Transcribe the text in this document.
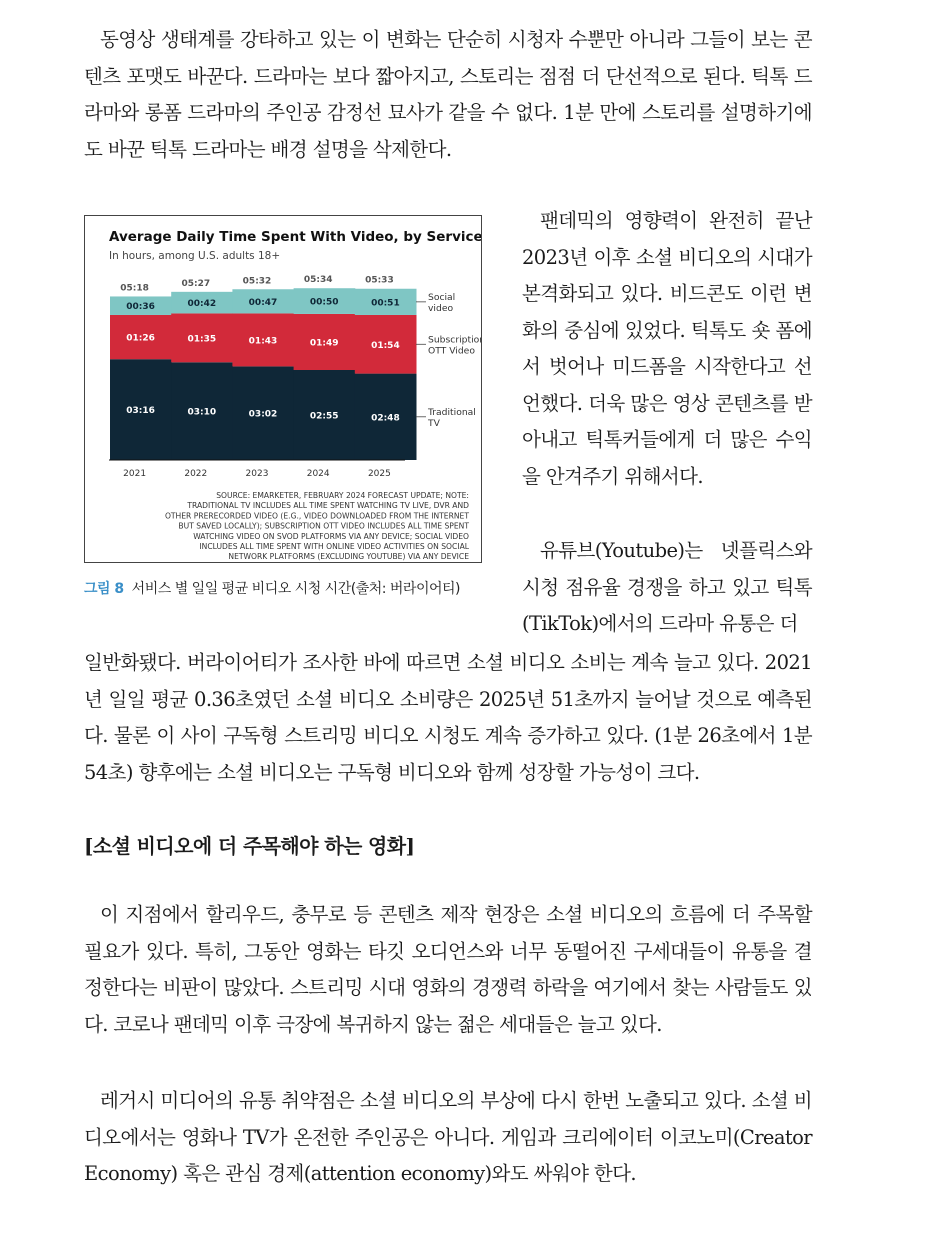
동영상 생태계를 강타하고 있는 이 변화는 단순히 시청자 수뿐만 아니라 그들이 보는 콘텐츠 포맷도 바꾼다. 드라마는 보다 짧아지고, 스토리는 점점 더 단선적으로 된다. 틱톡 드라마와 롱폼 드라마의 주인공 감정선 묘사가 같을 수 없다. 1분 만에 스토리를 설명하기에도 바꾼 틱톡 드라마는 배경 설명을 삭제한다.

Average Daily Time Spent With Video, by Service
In hours, among U.S. adults 18+
03:16
01:26
00:36
05:18
2021
03:10
01:35
00:42
05:27
2022
03:02
01:43
00:47
05:32
2023
02:55
01:49
00:50
05:34
2024
02:48
01:54
00:51
05:33
2025
Traditional TV
Subscription OTT Video
Social video
SOURCE: EMARKETER, FEBRUARY 2024 FORECAST UPDATE; NOTE:
TRADITIONAL TV INCLUDES ALL TIME SPENT WATCHING TV LIVE, DVR AND
OTHER PRERECORDED VIDEO (E.G., VIDEO DOWNLOADED FROM THE INTERNET
BUT SAVED LOCALLY); SUBSCRIPTION OTT VIDEO INCLUDES ALL TIME SPENT
WATCHING VIDEO ON SVOD PLATFORMS VIA ANY DEVICE; SOCIAL VIDEO
INCLUDES ALL TIME SPENT WITH ONLINE VIDEO ACTIVITIES ON SOCIAL
NETWORK PLATFORMS (EXCLUDING YOUTUBE) VIA ANY DEVICE
그림 8 서비스 별 일일 평균 비디오 시청 시간(출처: 버라이어티)

팬데믹의 영향력이 완전히 끝난 2023년 이후 소셜 비디오의 시대가 본격화되고 있다. 비드콘도 이런 변화의 중심에 있었다. 틱톡도 숏 폼에서 벗어나 미드폼을 시작한다고 선언했다. 더욱 많은 영상 콘텐츠를 받아내고 틱톡커들에게 더 많은 수익을 안겨주기 위해서다.

유튜브(Youtube)는 넷플릭스와 시청 점유율 경쟁을 하고 있고 틱톡(TikTok)에서의 드라마 유통은 더

일반화됐다. 버라이어티가 조사한 바에 따르면 소셜 비디오 소비는 계속 늘고 있다. 2021년 일일 평균 0.36초였던 소셜 비디오 소비량은 2025년 51초까지 늘어날 것으로 예측된다. 물론 이 사이 구독형 스트리밍 비디오 시청도 계속 증가하고 있다. (1분 26초에서 1분 54초) 향후에는 소셜 비디오는 구독형 비디오와 함께 성장할 가능성이 크다.

[소셜 비디오에 더 주목해야 하는 영화]

이 지점에서 할리우드, 충무로 등 콘텐츠 제작 현장은 소셜 비디오의 흐름에 더 주목할 필요가 있다. 특히, 그동안 영화는 타깃 오디언스와 너무 동떨어진 구세대들이 유통을 결정한다는 비판이 많았다. 스트리밍 시대 영화의 경쟁력 하락을 여기에서 찾는 사람들도 있다. 코로나 팬데믹 이후 극장에 복귀하지 않는 젊은 세대들은 늘고 있다.

레거시 미디어의 유통 취약점은 소셜 비디오의 부상에 다시 한번 노출되고 있다. 소셜 비디오에서는 영화나 TV가 온전한 주인공은 아니다. 게임과 크리에이터 이코노미(Creator Economy) 혹은 관심 경제(attention economy)와도 싸워야 한다.
